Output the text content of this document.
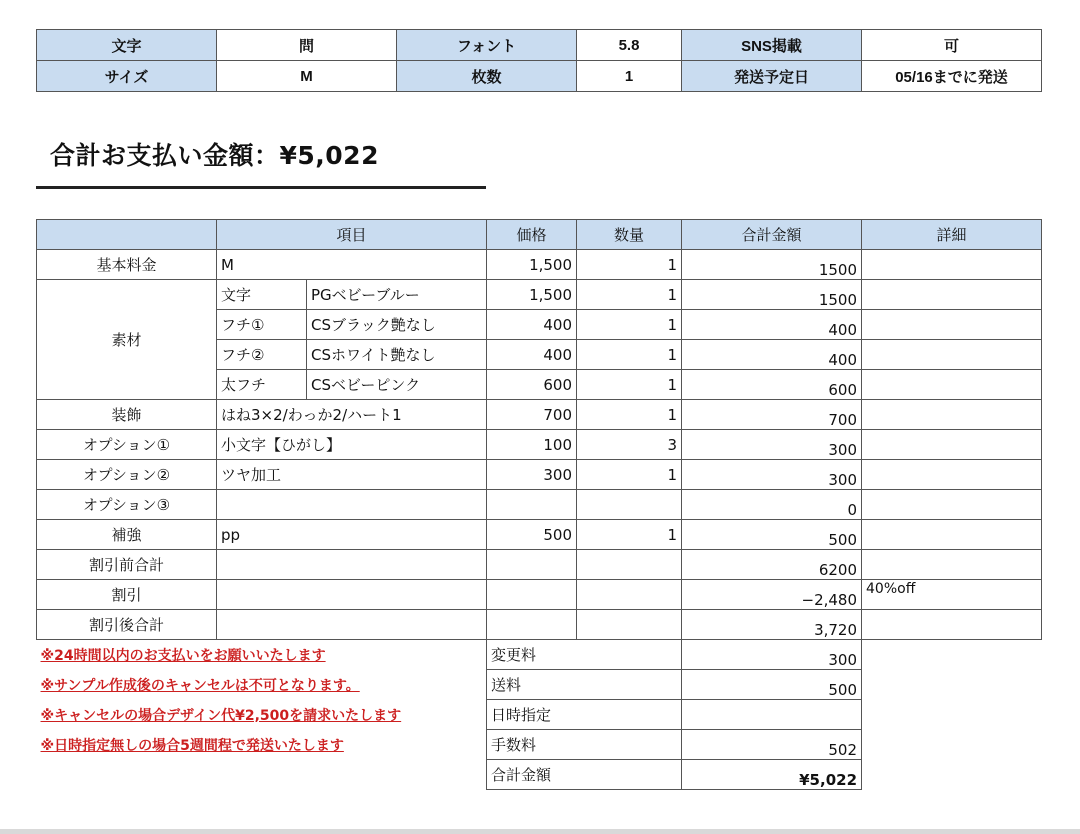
文字	問	フォント	5.8	SNS掲載	可
サイズ	M	枚数	1	発送予定日	05/16までに発送
合計お支払い金額：¥5,022
	項目		価格	数量	合計金額	詳細
基本料金	M		1,500	1	1500	
素材	文字	PGベビーブルー	1,500	1	1500	
	フチ①	CSブラック艶なし	400	1	400	
	フチ②	CSホワイト艶なし	400	1	400	
	太フチ	CSベビーピンク	600	1	600	
装飾	はね3×2/わっか2/ハート1		700	1	700	
オプション①	小文字【ひがし】		100	3	300	
オプション②	ツヤ加工		300	1	300	
オプション③					0	
補強	pp		500	1	500	
割引前合計					6200	
割引					−2,480	40%off
割引後合計					3,720	
※24時間以内のお支払いをお願いいたします			変更料		300	
※サンプル作成後のキャンセルは不可となります。			送料		500	
※キャンセルの場合デザイン代¥2,500を請求いたします			日時指定			
※日時指定無しの場合5週間程で発送いたします			手数料		502	
			合計金額		¥5,022	
